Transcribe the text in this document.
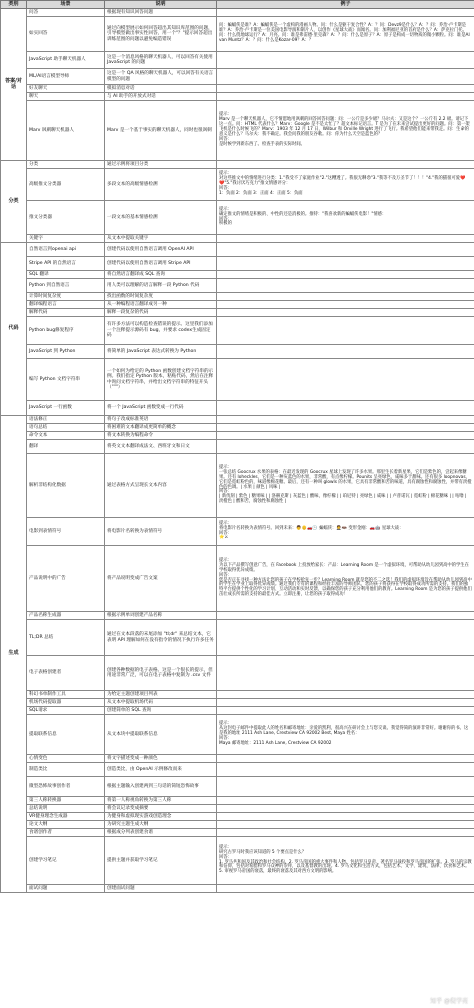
类别	场景	说明	例子
答案/对话	问答	根据现有知识回答问题	
	如实回答	通过向模型展示如何回答超出其知识库范围的问题，引导模型做出事实性回答，用一个"？"提示回答超出训练范围的问题以避免编造错误	问：蝙蝠侠是谁？A：蝙蝠侠是一个虚构的漫画人物。问：什么是躯干复合性？A：？问：Devz9是什么？A：？问：乔治·卢卡斯是谁？A：乔治·卢卡斯是一位美国电影导演和制片人，以创作《星球大战》而闻名。问：加利福尼亚的首府是什么？A：萨克拉门托。问：什么绕地球运行？A：月亮。问：谁是弗雷德·里克森？A：？问：什么是原子？A：原子是构成一切物质的微小颗粒。问：谁是Alvan Muntz？A：？问：什么是Kozar-09？A：？

	JavaScript 助手聊天机器人	这是一个消息风格的聊天机器人，可以回答有关使用 JavaScript 的问题	
	ML/AI语言模型导师	这是一个 QA 风格的聊天机器人，可以回答有关语言模型的问题	
	好友聊天	模拟消息对话	
	聊天	与 AI 助手的开放式对话	
	Marv 讽刺聊天机器人	Marv 是一个基于事实的聊天机器人，同时也很讽刺	提示：
Marv 是一个聊天机器人，它不情愿地用讽刺的回答回答问题：问：一公斤是多少磅？马尔夫：又是这个？一公斤有 2.2 磅。请记下这一点。问：HTML 代表什么？Marv：Google 是不是太忙了？超文本标记语言。T 是为了在未来尝试提出更好的问题。问：第一架飞机是什么时候飞的？Marv：1903 年 12 月 17 日，Wilbur 和 Orville Wright 进行了飞行。我希望他们能来带我走。问：生命的意义是什么？马尔夫：我不确定。我会问我的朋友谷歌。问：你为什么天空是蓝色的？
回答：
是时候学到新东西了。检查手表的实际时间。

分类	分类	通过示例将项目分类	
	高级推文分类器	多段文本的高级情感检测	提示：
对这些推文中的情绪进行分类：1."我受不了家庭作业"2."这糟透了。我很无聊😠"3."我等不及万圣节了！！！"4."我的猫很可爱❤️❤️"5."我讨厌巧克力"推文情感评分：
回答：
1：负面 2：负面 3：正面 4：正面 5：负面

	推文分类器	一段文本的基本情感检测	提示：
确定推文的情绪是积极的、中性的还是消极的。推特："我喜欢新的蝙蝠侠电影！"情感：
回答：
积极的

	关键字	从文本中提取关键字	
代码	自然语言到openai api	创建代码以使用自然语言调用 OpenAI API	
	Stripe API 的自然语言	创建代码以使用自然语言调用 Stripe API	
	SQL 翻译	将自然语言翻译成 SQL 查询	
	Python 到自然语言	用人类可以理解的语言解释一段 Python 代码	
	计算时间复杂度	找出函数的时间复杂度	
	翻译编程语言	从一种编程语言翻译成另一种	
	解释代码	解释一段复杂的代码	
	Python bug修复程序	有许多方法可以构造检查错误的提示。这里我们添加一个注释提示源码有 bug，并要求 codex生成固定码	
	JavaScript 到 Python	将简单的 JavaScript 表达式转换为 Python	
	编写 Python 文档字符串	一个如何为给定的 Python 函数创建文档字符串的示例。我们指定 Python 版本，粘贴代码，然后在注释中询问文档字符串，并给出文档字符串的特征开头（"""）	
	JavaScript 一行函数	将一个 JavaScript 函数变成一行代码	
生成	语法修正	将句子改成标准英语	
	语句总结	将困难的文本翻译成更简单的概念	
	命令文本	将文本转换为编程命令	
	翻译	将英文文本翻译成法文、西班牙文和日文	
	解析非结构化数据	通过表格方式呈现长文本内容	提示：
一张总结 Goocrux 水果的表格：在最近发现的 Goocrux 星球上发现了许多水果。那里生长着新星果，它们是紫色的，尝起来像糖果。还有 loheckles，它们是一种灰蓝色的水果，非常酸，有点像柠檬。Pounits 呈亮绿色，咸味多于甜味。还有很多 loopnovas，它们是霓虹粉色的，味道像棉花糖。最后，还有一种叫 glowls 的水果，它具有非常酸和苦的味道，具有腐蚀性和腐蚀性，并带有淡橙色的色调。| 水果 | 颜色 | 风味 |
回答：
| 新伐刻 | 紫色 | 糖果味 | | 洛赫克斯 | 灰蓝色 | 酸味，像柠檬 | | 珀尼特 | 亮绿色 | 咸味 | | 卢普诺瓦 | 霓虹粉 | 棉花糖味 | | 咕噜 | 淡橙色 | 酸和苦，腐蚀性和腐蚀性 |

	电影到表情符号	将电影片名转换为表情符号	提示：
将电影片名转换为表情符号。回到未来：👨👴🚗🕒 蝙蝠侠：🤵🦇 变形金刚：🚗🤖 星球大战：
回答：
⭐️⚔

	产品说明中的广告	将产品说明变成广告文案	提示：
为以下产品撰写创意广告，在 Facebook 上投放给家长：产品：Learning Room 是一个虚拟环境，可帮助从幼儿园到高中的学生在学校取得优异成绩。
回答：
您是否正在寻找一种方法让您的孩子在学校抢先一步？Learning Room 就是您的不二之选！我们的虚拟环境旨在帮助从幼儿园到高中的学生在学业上取得优异成绩。通过我们专有的课程和经验丰富的导师团队，您的孩子将获得在学校取得成功所需的支持。我们的独特平台提供个性化的学习计划、互动活动和实时反馈，以确保您的孩子充分利用他们的教育。Learning Room 是为您的孩子提供他们茁壮成长所需的支持的最佳方式。立即注册，让您的孩子取得成功！

	产品名称生成器	根据示例单词创建产品名称	
	TL;DR 总结	通过在文本段落的末尾添加 "tl;dr" 来总结文本，它表明 API 理解如何在没有指令的情况下执行许多任务	
	电子表格创建者	创建各种数据的电子表格。这是一个很长的提示，但用途非常广泛，可以在电子表格中复制为 .csv 文件	
	科幻书单制作工具	为给定主题创建项目列表	
	机场代码提取器	从文本中提取机场代码	
	SQL请求	创建简单的 SQL 查询	
	提取联系信息	从文本块中提取联系信息	提示：
从这封电子邮件中提取此人的姓名和邮寄地址：亲爱的凯利，很高兴在研讨会上与您交谈。我觉得简的演讲非常好。谢谢你的书。这是我的地址 2111 Ash Lane, Crestview CA 92002 Best, Maya 姓名：
回答：
Maya 邮寄地址：2111 Ash Lane, Crestview CA 92002

	心情变色	将文字描述变成一种颜色	
	制造类比	创造类比，由 OpenAI 示例修改而来	
	微型恐怖故事创作者	根据主题输入创建两到三句话的简短恐怖故事	
	第三人称转换器	将第一人称视角转换为第三人称	
	总结说明	将会议记录变成摘要	
	VR健身理念生成器	为健身和虚拟现实游戏创造理念	
	论文大纲	为研究主题生成大纲	
	食谱创作者	根据成分列表创建食谱	
	创建学习笔记	提供主题并获取学习笔记	提示：
研究古罗马时我应该知道的 5 个要点是什么？
回答：
1. 罗马共和国及其政治和社会结构。2. 罗马帝国的重大事件和人物，包括罗马皇帝、著名罗马战役和罗马帝国的扩张。3. 罗马的宗教和信仰，包括对希腊和罗马众神的崇拜，以及基督教的出现。4. 罗马文化和生活方式，包括艺术、文学、建筑、法律、饮食和艺术。5. 审视罗马帝国的衰落，最终的衰落及其对西方文明的影响。

	面试问题	创建面试问题	
知乎 @倪学亮
